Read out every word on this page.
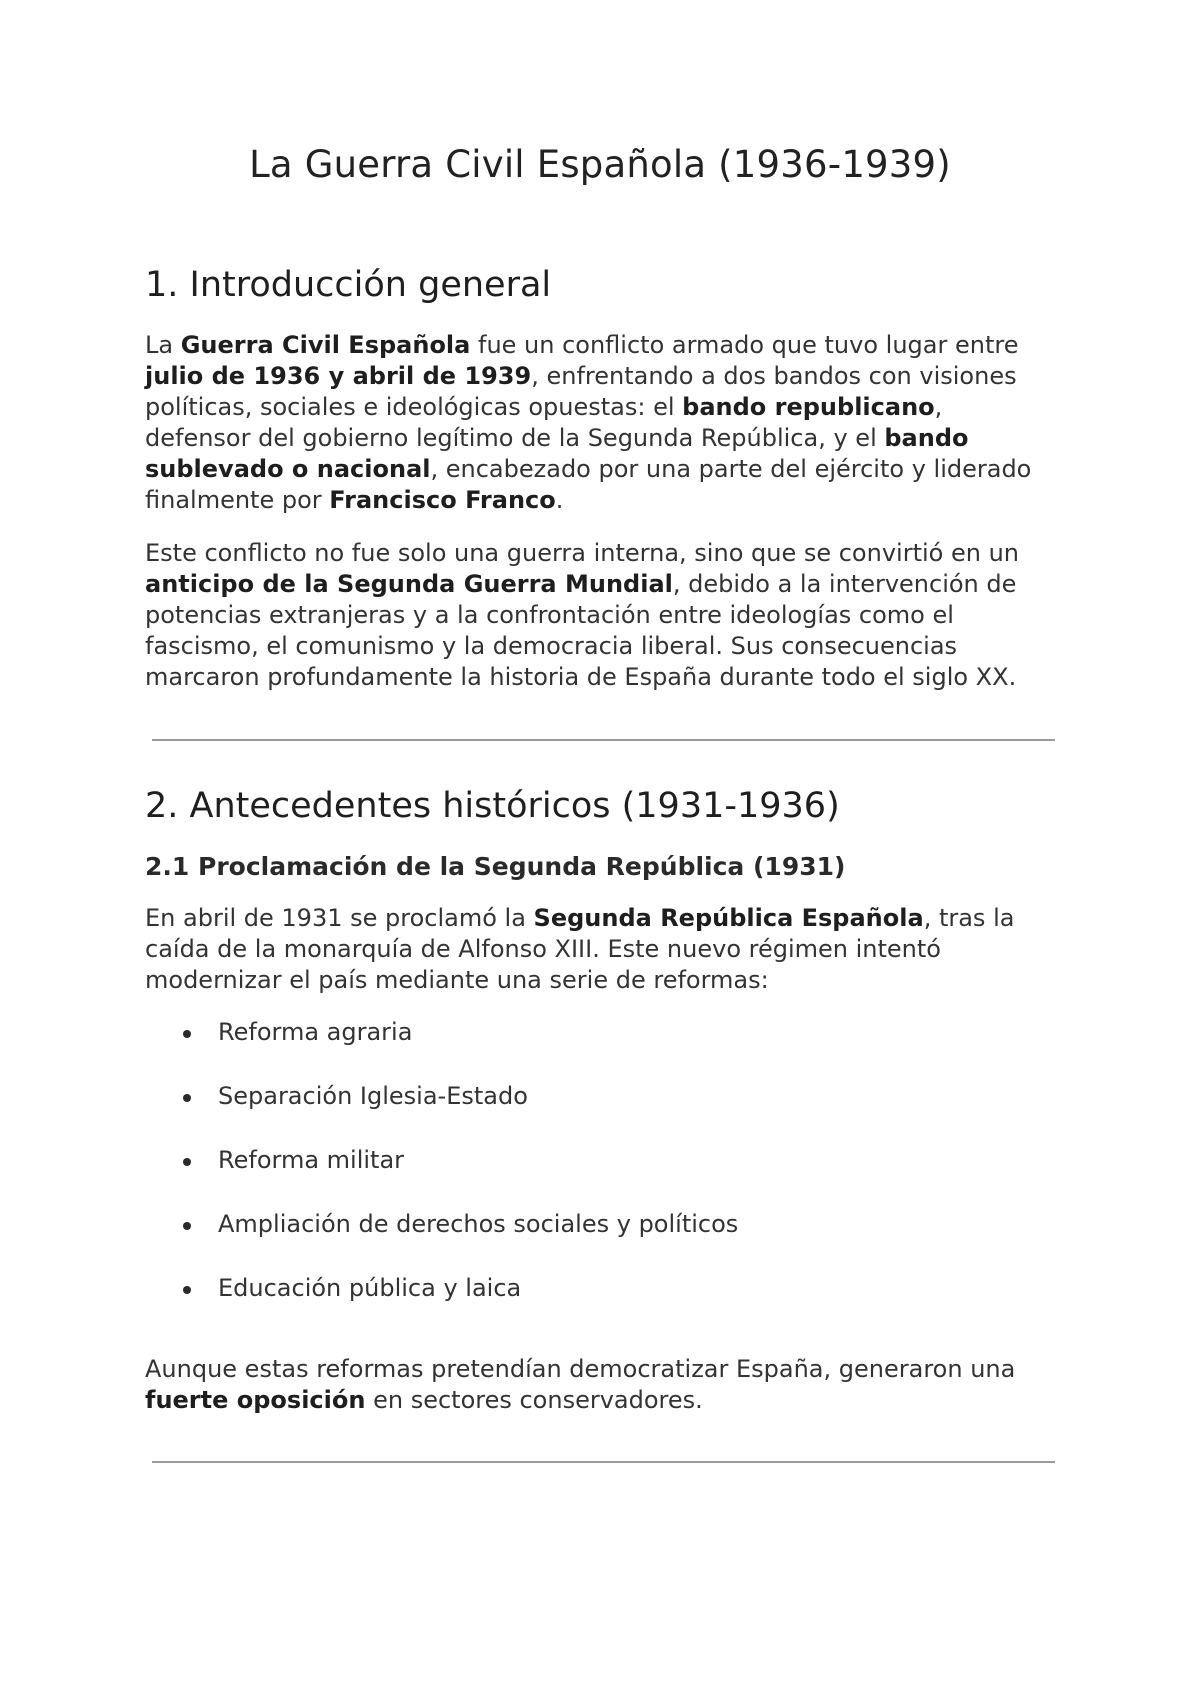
La Guerra Civil Española (1936-1939)
1. Introducción general

La Guerra Civil Española fue un conflicto armado que tuvo lugar entre julio de 1936 y abril de 1939, enfrentando a dos bandos con visiones políticas, sociales e ideológicas opuestas: el bando republicano, defensor del gobierno legítimo de la Segunda República, y el bando sublevado o nacional, encabezado por una parte del ejército y liderado finalmente por Francisco Franco.

Este conflicto no fue solo una guerra interna, sino que se convirtió en un anticipo de la Segunda Guerra Mundial, debido a la intervención de potencias extranjeras y a la confrontación entre ideologías como el fascismo, el comunismo y la democracia liberal. Sus consecuencias marcaron profundamente la historia de España durante todo el siglo XX.

2. Antecedentes históricos (1931-1936)
2.1 Proclamación de la Segunda República (1931)

En abril de 1931 se proclamó la Segunda República Española, tras la caída de la monarquía de Alfonso XIII. Este nuevo régimen intentó modernizar el país mediante una serie de reformas:

Reforma agraria
Separación Iglesia-Estado
Reforma militar
Ampliación de derechos sociales y políticos
Educación pública y laica

Aunque estas reformas pretendían democratizar España, generaron una fuerte oposición en sectores conservadores.
